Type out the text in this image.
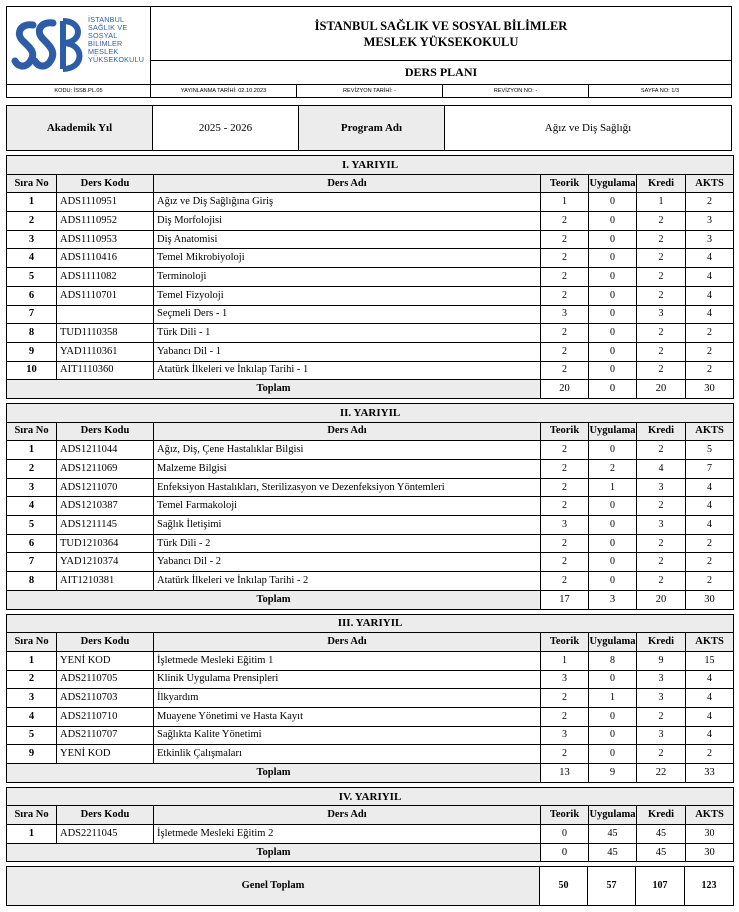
İSTANBUL
SAĞLIK VE
SOSYAL
BİLİMLER
MESLEK
YÜKSEKOKULU
İSTANBUL SAĞLIK VE SOSYAL BİLİMLER
MESLEK YÜKSEKOKULU
DERS PLANI
KODU: İSSB.PL.05	YAYINLANMA TARİHİ: 02.10.2023	REVİZYON TARİHİ: -	REVİZYON NO: -	SAYFA NO: 1/3
Akademik Yıl	2025 - 2026	Program Adı	Ağız ve Diş Sağlığı
I. YARIYIL						
Sıra No	Ders Kodu	Ders Adı	Teorik	Uygulama	Kredi	AKTS
1	ADS1110951	Ağız ve Diş Sağlığına Giriş	1	0	1	2
2	ADS1110952	Diş Morfolojisi	2	0	2	3
3	ADS1110953	Diş Anatomisi	2	0	2	3
4	ADS1110416	Temel Mikrobiyoloji	2	0	2	4
5	ADS1111082	Terminoloji	2	0	2	4
6	ADS1110701	Temel Fizyoloji	2	0	2	4
7		Seçmeli Ders - 1	3	0	3	4
8	TUD1110358	Türk Dili - 1	2	0	2	2
9	YAD1110361	Yabancı Dil - 1	2	0	2	2
10	AIT1110360	Atatürk İlkeleri ve İnkılap Tarihi - 1	2	0	2	2
Toplam			20	0	20	30
II. YARIYIL						
Sıra No	Ders Kodu	Ders Adı	Teorik	Uygulama	Kredi	AKTS
1	ADS1211044	Ağız, Diş, Çene Hastalıklar Bilgisi	2	0	2	5
2	ADS1211069	Malzeme Bilgisi	2	2	4	7
3	ADS1211070	Enfeksiyon Hastalıkları, Sterilizasyon ve Dezenfeksiyon Yöntemleri	2	1	3	4
4	ADS1210387	Temel Farmakoloji	2	0	2	4
5	ADS1211145	Sağlık İletişimi	3	0	3	4
6	TUD1210364	Türk Dili - 2	2	0	2	2
7	YAD1210374	Yabancı Dil - 2	2	0	2	2
8	AIT1210381	Atatürk İlkeleri ve İnkılap Tarihi - 2	2	0	2	2
Toplam			17	3	20	30
III. YARIYIL						
Sıra No	Ders Kodu	Ders Adı	Teorik	Uygulama	Kredi	AKTS
1	YENİ KOD	İşletmede Mesleki Eğitim 1	1	8	9	15
2	ADS2110705	Klinik Uygulama Prensipleri	3	0	3	4
3	ADS2110703	İlkyardım	2	1	3	4
4	ADS2110710	Muayene Yönetimi ve Hasta Kayıt	2	0	2	4
5	ADS2110707	Sağlıkta Kalite Yönetimi	3	0	3	4
9	YENİ KOD	Etkinlik Çalışmaları	2	0	2	2
Toplam			13	9	22	33
IV. YARIYIL						
Sıra No	Ders Kodu	Ders Adı	Teorik	Uygulama	Kredi	AKTS
1	ADS2211045	İşletmede Mesleki Eğitim 2	0	45	45	30
Toplam			0	45	45	30
Genel Toplam	50	57	107	123
